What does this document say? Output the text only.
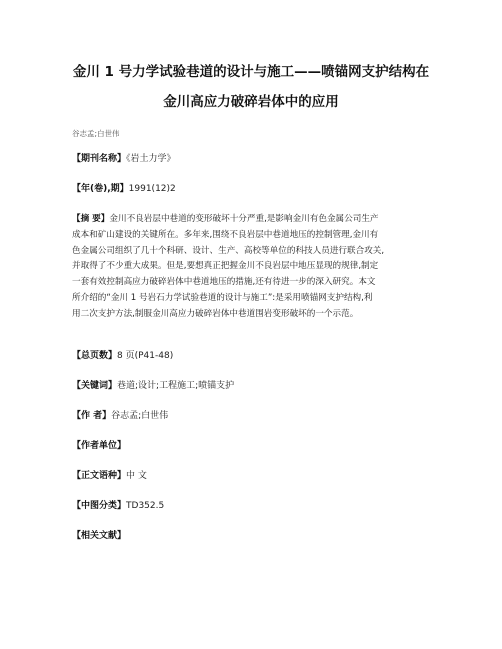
金川 1 号力学试验巷道的设计与施工——喷锚网支护结构在
金川高应力破碎岩体中的应用
谷志孟;白世伟
【期刊名称】《岩土力学》
【年(卷),期】1991(12)2
【摘 要】金川不良岩层中巷道的变形破坏十分严重,是影响金川有色金属公司生产
成本和矿山建设的关键所在。多年来,围绕不良岩层中巷道地压的控制管理,金川有
色金属公司组织了几十个科研、设计、生产、高校等单位的科技人员进行联合攻关,
并取得了不少重大成果。但是,要想真正把握金川不良岩层中地压显现的规律,制定
一套有效控制高应力破碎岩体中巷道地压的措施,还有待进一步的深入研究。本文
所介绍的“金川 1 号岩石力学试验巷道的设计与施工”:是采用喷锚网支护结构,利
用二次支护方法,制服金川高应力破碎岩体中巷道围岩变形破坏的一个示范。
【总页数】8 页(P41-48)
【关键词】巷道;设计;工程施工;喷锚支护
【作 者】谷志孟;白世伟
【作者单位】
【正文语种】中 文
【中图分类】TD352.5
【相关文献】
